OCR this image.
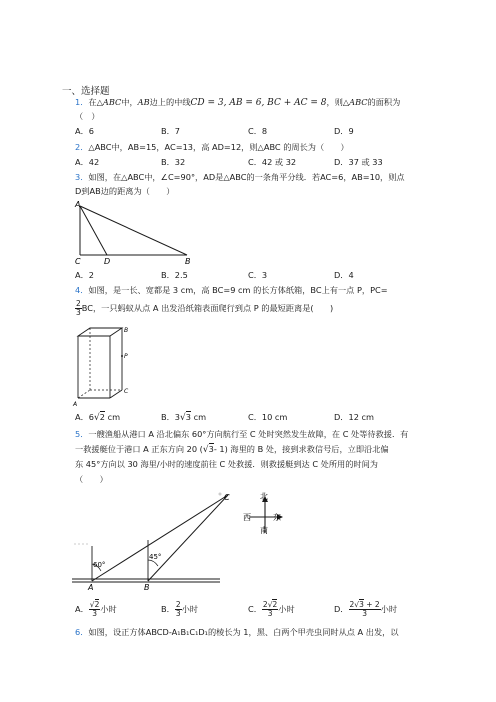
一、选择题
1．在△ABC中，AB边上的中线CD = 3, AB = 6, BC + AC = 8，则△ABC的面积为
（　）
A．6	B．7	C．8	D．9
2．△ABC中，AB=15，AC=13，高 AD=12，则△ABC 的周长为（　　）
A．42	B．32	C．42 或 32	D．37 或 33
3．如图，在△ABC中，∠C=90°，AD是△ABC的一条角平分线．若AC=6，AB=10，则点
D到AB边的距离为（　　）
A
C	D	B
A．2	B．2.5	C．3	D．4
4．如图，是一长、宽都是 3 cm，高 BC=9 cm 的长方体纸箱，BC上有一点 P，PC=
$\frac{2}{3}$ BC，一只蚂蚁从点 A 出发沿纸箱表面爬行到点 P 的最短距离是(　　)
B
P
C
A
A．6√2 cm	B．3√3 cm	C．10 cm	D．12 cm
5．一艘渔船从港口 A 沿北偏东 60°方向航行至 C 处时突然发生故障，在 C 处等待救援．有
一救援艇位于港口 A 正东方向 20 (√3- 1) 海里的 B 处，接到求救信号后，立即沿北偏
东 45°方向以 30 海里/小时的速度前往 C 处救援．则救援艇到达 C 处所用的时间为
（　　）
北
南
西	东
C
A	B
60°
45°
A． $\frac{√2}{3}$ 小时	B． $\frac{2}{3}$ 小时	C． $\frac{2√2}{3}$ 小时	D． $\frac{2√3 + 2}{3}$ 小时
6．如图，设正方体ABCD-A₁B₁C₁D₁的棱长为 1，黑、白两个甲壳虫同时从点 A 出发，以
